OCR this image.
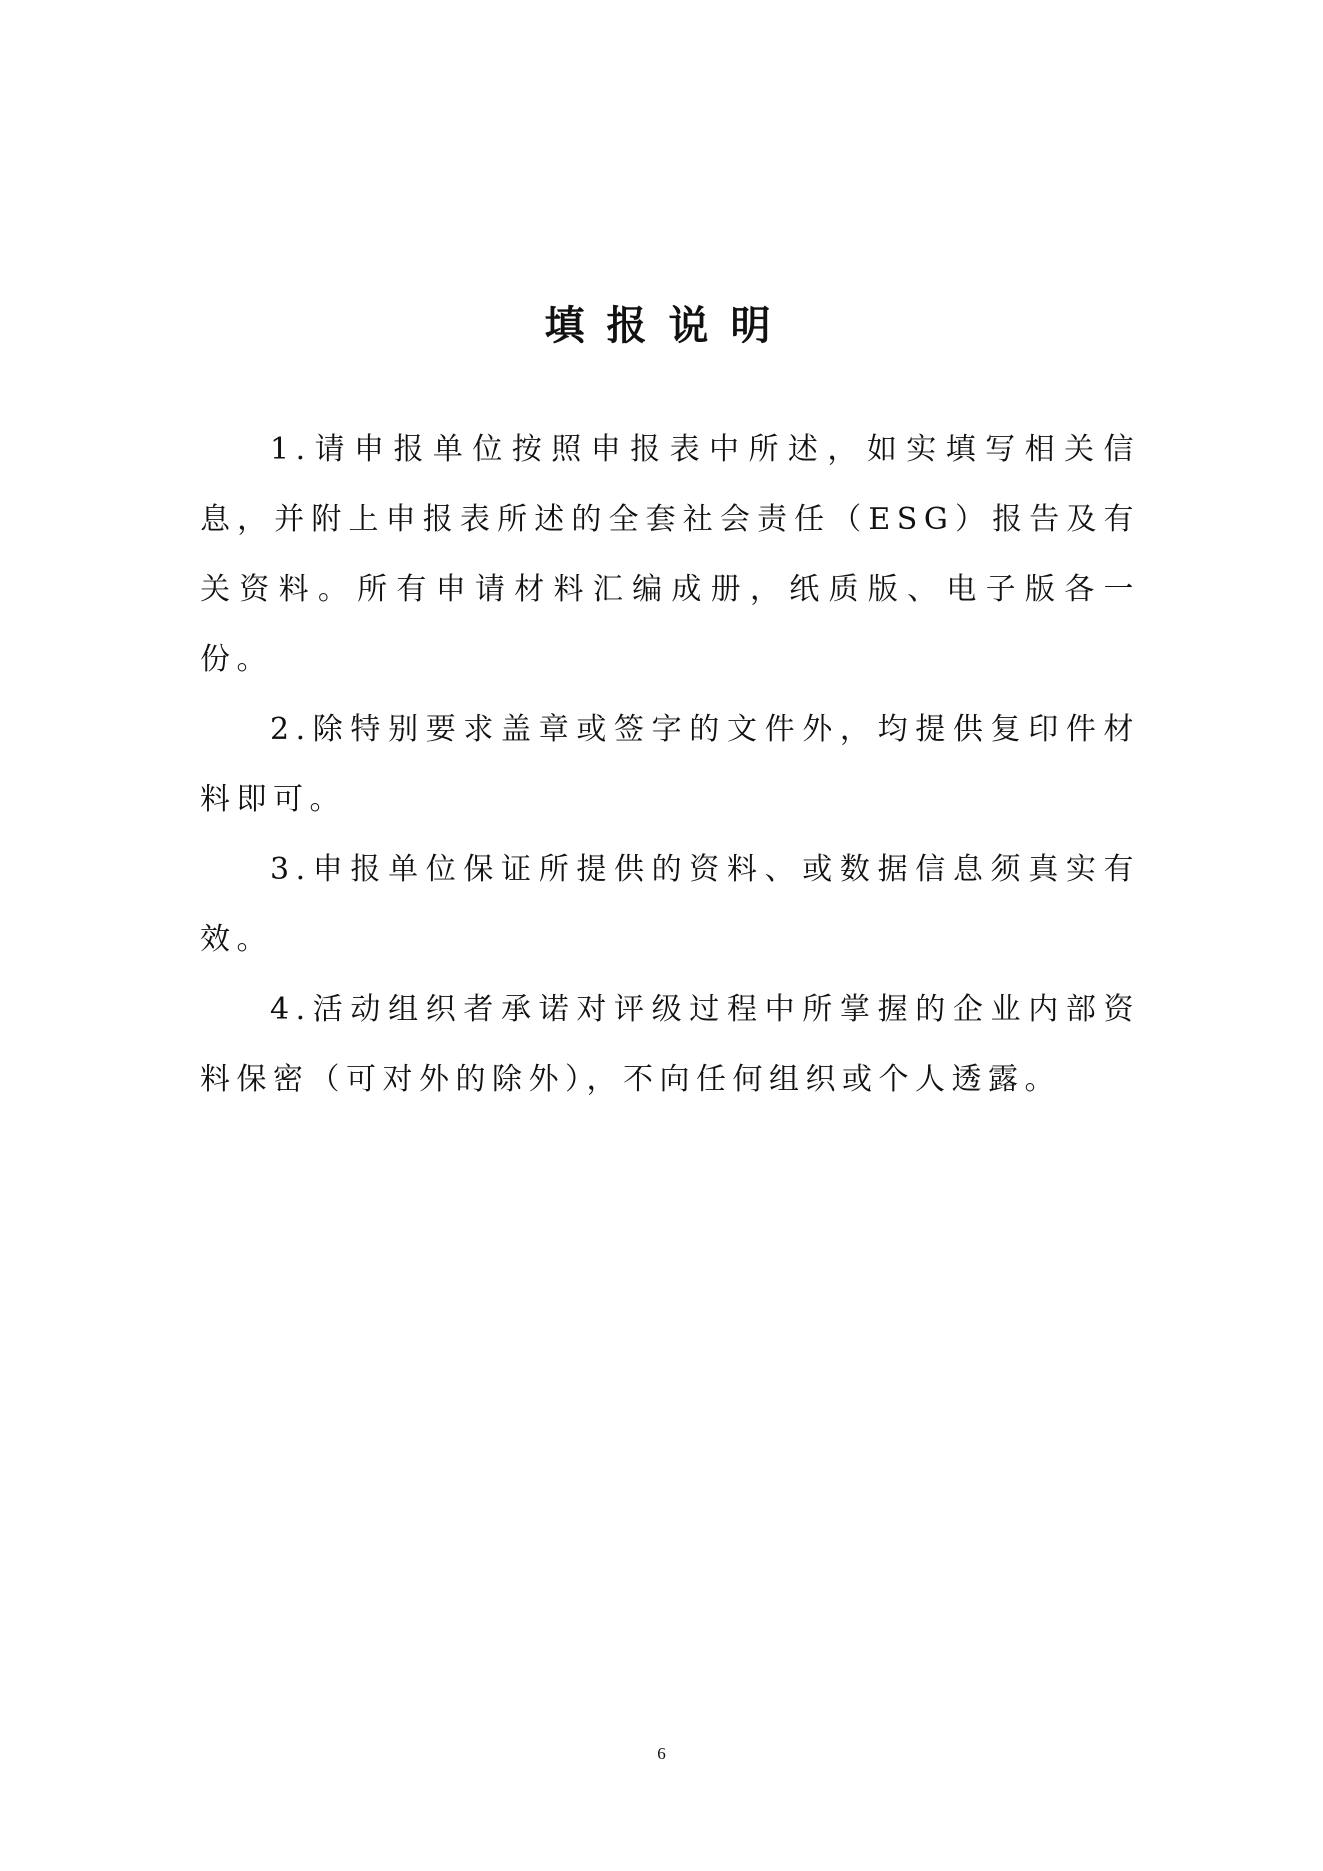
填报说明

1.请申报单位按照申报表中所述，如实填写相关信息，并附上申报表所述的全套社会责任（ESG）报告及有关资料。所有申请材料汇编成册，纸质版、电子版各一份。

2.除特别要求盖章或签字的文件外，均提供复印件材料即可。

3.申报单位保证所提供的资料、或数据信息须真实有效。

4.活动组织者承诺对评级过程中所掌握的企业内部资料保密（可对外的除外），不向任何组织或个人透露。

6
